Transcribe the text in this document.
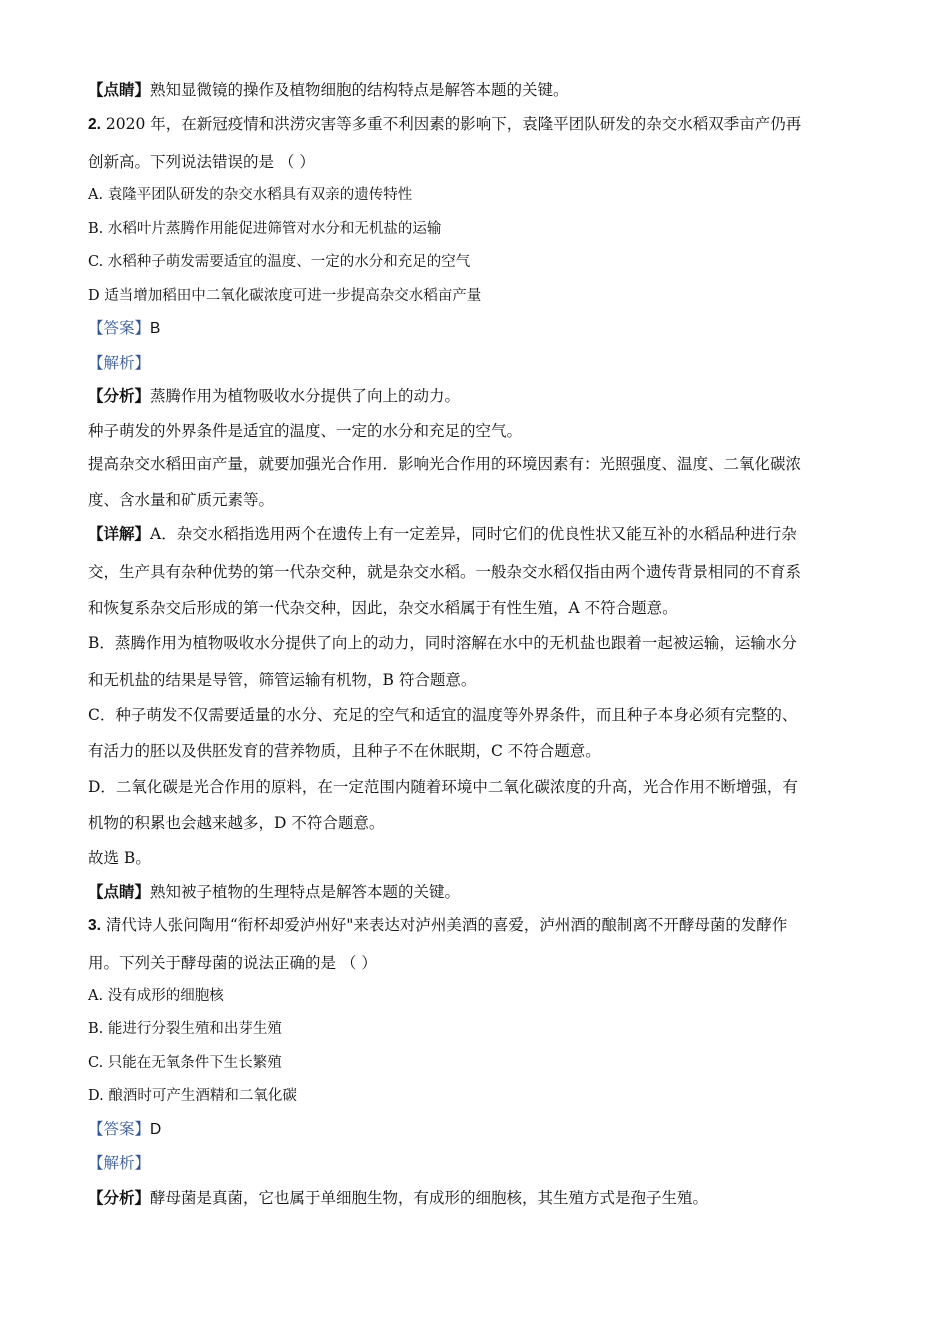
【点睛】熟知显微镜的操作及植物细胞的结构特点是解答本题的关键。
2. 2020 年，在新冠疫情和洪涝灾害等多重不利因素的影响下，袁隆平团队研发的杂交水稻双季亩产仍再
创新高。下列说法错误的是 （ ）
A. 袁隆平团队研发的杂交水稻具有双亲的遗传特性
B. 水稻叶片蒸腾作用能促进筛管对水分和无机盐的运输
C. 水稻种子萌发需要适宜的温度、一定的水分和充足的空气
D 适当增加稻田中二氧化碳浓度可进一步提高杂交水稻亩产量
【答案】B
【解析】
【分析】蒸腾作用为植物吸收水分提供了向上的动力。
种子萌发的外界条件是适宜的温度、一定的水分和充足的空气。
提高杂交水稻田亩产量，就要加强光合作用．影响光合作用的环境因素有：光照强度、温度、二氧化碳浓
度、含水量和矿质元素等。
【详解】A．杂交水稻指选用两个在遗传上有一定差异，同时它们的优良性状又能互补的水稻品种进行杂
交，生产具有杂种优势的第一代杂交种，就是杂交水稻。一般杂交水稻仅指由两个遗传背景相同的不育系
和恢复系杂交后形成的第一代杂交种，因此，杂交水稻属于有性生殖，A 不符合题意。
B．蒸腾作用为植物吸收水分提供了向上的动力，同时溶解在水中的无机盐也跟着一起被运输，运输水分
和无机盐的结果是导管，筛管运输有机物，B 符合题意。
C．种子萌发不仅需要适量的水分、充足的空气和适宜的温度等外界条件，而且种子本身必须有完整的、
有活力的胚以及供胚发育的营养物质，且种子不在休眠期，C 不符合题意。
D．二氧化碳是光合作用的原料，在一定范围内随着环境中二氧化碳浓度的升高，光合作用不断增强，有
机物的积累也会越来越多，D 不符合题意。
故选 B。
【点睛】熟知被子植物的生理特点是解答本题的关键。
3. 清代诗人张问陶用“衔杯却爱泸州好"来表达对泸州美酒的喜爱，泸州酒的酿制离不开酵母菌的发酵作
用。下列关于酵母菌的说法正确的是 （ ）
A. 没有成形的细胞核
B. 能进行分裂生殖和出芽生殖
C. 只能在无氧条件下生长繁殖
D. 酿酒时可产生酒精和二氧化碳
【答案】D
【解析】
【分析】酵母菌是真菌，它也属于单细胞生物，有成形的细胞核，其生殖方式是孢子生殖。
